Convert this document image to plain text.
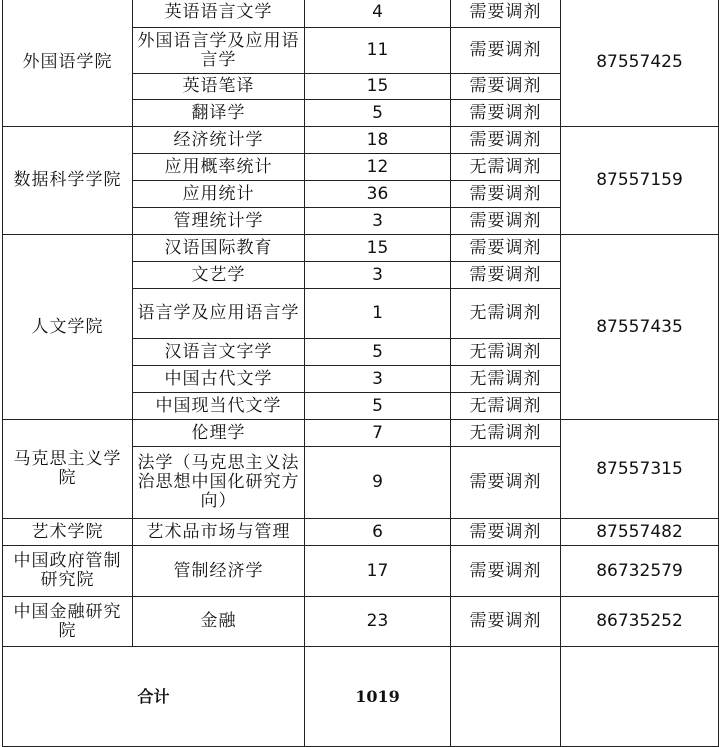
外国语学院	英语语言文学	4	需要调剂	87557425
	外国语言学及应用语言学	11	需要调剂	
	英语笔译	15	需要调剂	
	翻译学	5	需要调剂	
数据科学学院	经济统计学	18	需要调剂	87557159
	应用概率统计	12	无需调剂	
	应用统计	36	需要调剂	
	管理统计学	3	需要调剂	
人文学院	汉语国际教育	15	需要调剂	87557435
	文艺学	3	需要调剂	
	语言学及应用语言学	1	无需调剂	
	汉语言文字学	5	无需调剂	
	中国古代文学	3	无需调剂	
	中国现当代文学	5	无需调剂	
马克思主义学院	伦理学	7	无需调剂	87557315
	法学（马克思主义法治思想中国化研究方向）	9	需要调剂	
艺术学院	艺术品市场与管理	6	需要调剂	87557482
中国政府管制研究院	管制经济学	17	需要调剂	86732579
中国金融研究院	金融	23	需要调剂	86735252
合计		1019		
